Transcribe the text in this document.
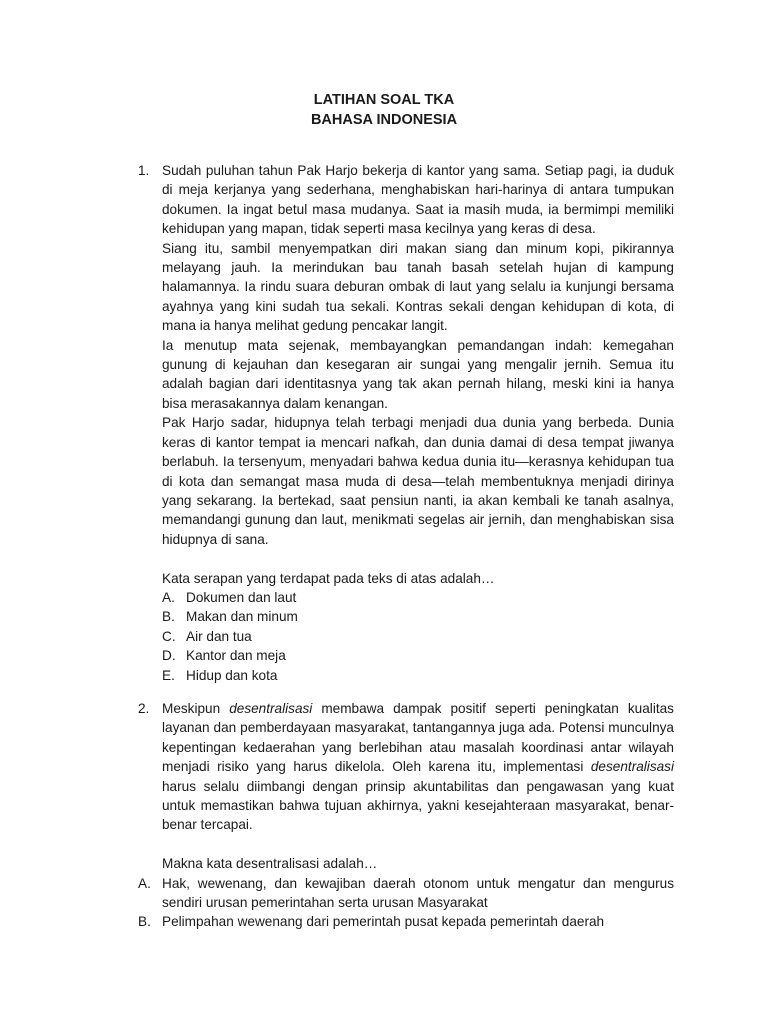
LATIHAN SOAL TKA
BAHASA INDONESIA
1. Sudah puluhan tahun Pak Harjo bekerja di kantor yang sama. Setiap pagi, ia duduk di meja kerjanya yang sederhana, menghabiskan hari-harinya di antara tumpukan dokumen. Ia ingat betul masa mudanya. Saat ia masih muda, ia bermimpi memiliki kehidupan yang mapan, tidak seperti masa kecilnya yang keras di desa.

Siang itu, sambil menyempatkan diri makan siang dan minum kopi, pikirannya melayang jauh. Ia merindukan bau tanah basah setelah hujan di kampung halamannya. Ia rindu suara deburan ombak di laut yang selalu ia kunjungi bersama ayahnya yang kini sudah tua sekali. Kontras sekali dengan kehidupan di kota, di mana ia hanya melihat gedung pencakar langit.

Ia menutup mata sejenak, membayangkan pemandangan indah: kemegahan gunung di kejauhan dan kesegaran air sungai yang mengalir jernih. Semua itu adalah bagian dari identitasnya yang tak akan pernah hilang, meski kini ia hanya bisa merasakannya dalam kenangan.

Pak Harjo sadar, hidupnya telah terbagi menjadi dua dunia yang berbeda. Dunia keras di kantor tempat ia mencari nafkah, dan dunia damai di desa tempat jiwanya berlabuh. Ia tersenyum, menyadari bahwa kedua dunia itu—kerasnya kehidupan tua di kota dan semangat masa muda di desa—telah membentuknya menjadi dirinya yang sekarang. Ia bertekad, saat pensiun nanti, ia akan kembali ke tanah asalnya, memandangi gunung dan laut, menikmati segelas air jernih, dan menghabiskan sisa hidupnya di sana.

Kata serapan yang terdapat pada teks di atas adalah…

A. Dokumen dan laut
B. Makan dan minum
C. Air dan tua
D. Kantor dan meja
E. Hidup dan kota
2. Meskipun desentralisasi membawa dampak positif seperti peningkatan kualitas layanan dan pemberdayaan masyarakat, tantangannya juga ada. Potensi munculnya kepentingan kedaerahan yang berlebihan atau masalah koordinasi antar wilayah menjadi risiko yang harus dikelola. Oleh karena itu, implementasi desentralisasi harus selalu diimbangi dengan prinsip akuntabilitas dan pengawasan yang kuat untuk memastikan bahwa tujuan akhirnya, yakni kesejahteraan masyarakat, benar-benar tercapai.

Makna kata desentralisasi adalah…

A. Hak, wewenang, dan kewajiban daerah otonom untuk mengatur dan mengurus sendiri urusan pemerintahan serta urusan Masyarakat
B. Pelimpahan wewenang dari pemerintah pusat kepada pemerintah daerah
